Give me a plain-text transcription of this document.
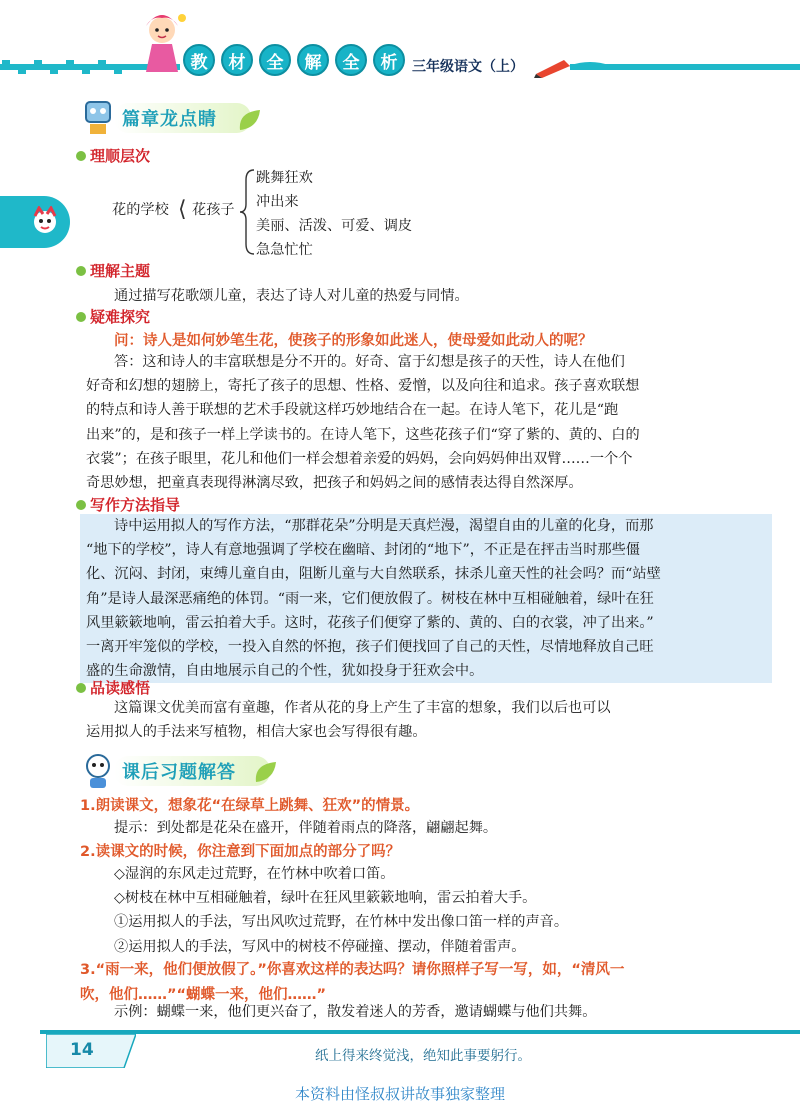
教	材	全	解	全	析	三年级语文（上）
篇章龙点睛
理顺层次
花的学校 ⟨ 花孩子
跳舞狂欢
冲出来
美丽、活泼、可爱、调皮
急急忙忙
理解主题
通过描写花歌颂儿童，表达了诗人对儿童的热爱与同情。
疑难探究
问：诗人是如何妙笔生花，使孩子的形象如此迷人，使母爱如此动人的呢？
答：这和诗人的丰富联想是分不开的。好奇、富于幻想是孩子的天性，诗人在他们
好奇和幻想的翅膀上，寄托了孩子的思想、性格、爱憎，以及向往和追求。孩子喜欢联想
的特点和诗人善于联想的艺术手段就这样巧妙地结合在一起。在诗人笔下，花儿是“跑
出来”的，是和孩子一样上学读书的。在诗人笔下，这些花孩子们“穿了紫的、黄的、白的
衣裳”；在孩子眼里，花儿和他们一样会想着亲爱的妈妈，会向妈妈伸出双臂……一个个
奇思妙想，把童真表现得淋漓尽致，把孩子和妈妈之间的感情表达得自然深厚。
写作方法指导
诗中运用拟人的写作方法，“那群花朵”分明是天真烂漫，渴望自由的儿童的化身，而那
“地下的学校”，诗人有意地强调了学校在幽暗、封闭的“地下”，不正是在抨击当时那些僵
化、沉闷、封闭，束缚儿童自由，阻断儿童与大自然联系，抹杀儿童天性的社会吗？而“站壁
角”是诗人最深恶痛绝的体罚。“雨一来，它们便放假了。树枝在林中互相碰触着，绿叶在狂
风里簌簌地响，雷云拍着大手。这时，花孩子们便穿了紫的、黄的、白的衣裳，冲了出来。”
一离开牢笼似的学校，一投入自然的怀抱，孩子们便找回了自己的天性，尽情地释放自己旺
盛的生命激情，自由地展示自己的个性，犹如投身于狂欢会中。
品读感悟
这篇课文优美而富有童趣，作者从花的身上产生了丰富的想象，我们以后也可以
运用拟人的手法来写植物，相信大家也会写得很有趣。
课后习题解答
1.朗读课文，想象花“在绿草上跳舞、狂欢”的情景。
提示：到处都是花朵在盛开，伴随着雨点的降落，翩翩起舞。
2.读课文的时候，你注意到下面加点的部分了吗？
◇湿润的东风走过荒野，在竹林中吹着口笛。
◇树枝在林中互相碰触着，绿叶在狂风里簌簌地响，雷云拍着大手。
①运用拟人的手法，写出风吹过荒野，在竹林中发出像口笛一样的声音。
②运用拟人的手法，写风中的树枝不停碰撞、摆动，伴随着雷声。
3.“雨一来，他们便放假了。”你喜欢这样的表达吗？请你照样子写一写，如，“清风一
吹，他们……”“蝴蝶一来，他们……”
示例：蝴蝶一来，他们更兴奋了，散发着迷人的芳香，邀请蝴蝶与他们共舞。
14	纸上得来终觉浅，绝知此事要躬行。
本资料由怪叔叔讲故事独家整理
